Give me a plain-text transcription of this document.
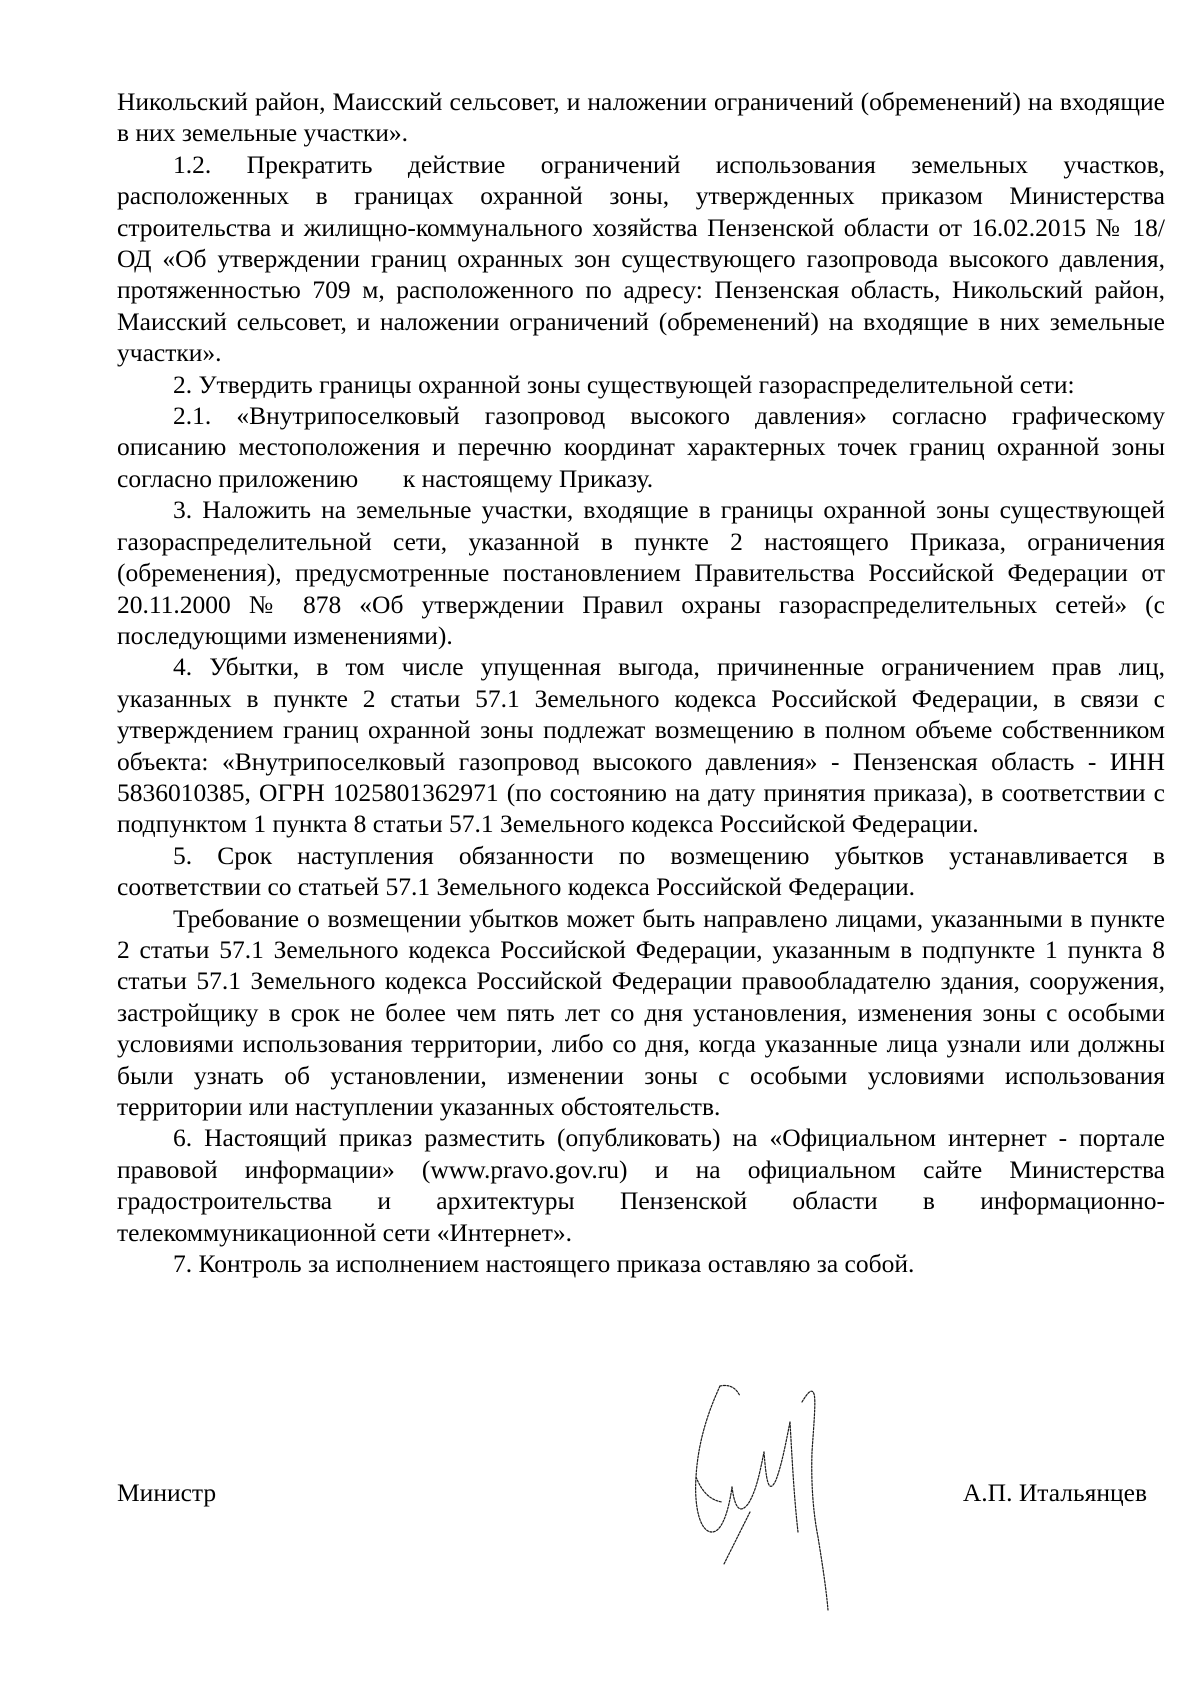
Никольский район, Маисский сельсовет, и наложении ограничений (обременений) на входящие в них земельные участки».

1.2. Прекратить действие ограничений использования земельных участков, расположенных в границах охранной зоны, утвержденных приказом Министерства строительства и жилищно-коммунального хозяйства Пензенской области от 16.02.2015 № 18/ОД «Об утверждении границ охранных зон существующего газопровода высокого давления, протяженностью 709 м, расположенного по адресу: Пензенская область, Никольский район, Маисский сельсовет, и наложении ограничений (обременений) на входящие в них земельные участки».

2. Утвердить границы охранной зоны существующей газораспределительной сети:

2.1. «Внутрипоселковый газопровод высокого давления» согласно графическому описанию местоположения и перечню координат характерных точек границ охранной зоны согласно приложению       к настоящему Приказу.

3. Наложить на земельные участки, входящие в границы охранной зоны существующей газораспределительной сети, указанной в пункте 2 настоящего Приказа, ограничения (обременения), предусмотренные постановлением Правительства Российской Федерации от 20.11.2000 № 878 «Об утверждении Правил охраны газораспределительных сетей» (с последующими изменениями).

4. Убытки, в том числе упущенная выгода, причиненные ограничением прав лиц, указанных в пункте 2 статьи 57.1 Земельного кодекса Российской Федерации, в связи с утверждением границ охранной зоны подлежат возмещению в полном объеме собственником объекта: «Внутрипоселковый газопровод высокого давления» - Пензенская область - ИНН 5836010385, ОГРН 1025801362971 (по состоянию на дату принятия приказа), в соответствии с подпунктом 1 пункта 8 статьи 57.1 Земельного кодекса Российской Федерации.

5. Срок наступления обязанности по возмещению убытков устанавливается в соответствии со статьей 57.1 Земельного кодекса Российской Федерации.

Требование о возмещении убытков может быть направлено лицами, указанными в пункте 2 статьи 57.1 Земельного кодекса Российской Федерации, указанным в подпункте 1 пункта 8 статьи 57.1 Земельного кодекса Российской Федерации правообладателю здания, сооружения, застройщику в срок не более чем пять лет со дня установления, изменения зоны с особыми условиями использования территории, либо со дня, когда указанные лица узнали или должны были узнать об установлении, изменении зоны с особыми условиями использования территории или наступлении указанных обстоятельств.

6. Настоящий приказ разместить (опубликовать) на «Официальном интернет - портале правовой информации» (www.pravo.gov.ru) и на официальном сайте Министерства градостроительства и архитектуры Пензенской области в информационно-телекоммуникационной сети «Интернет».

7. Контроль за исполнением настоящего приказа оставляю за собой.

Министр	А.П. Итальянцев
